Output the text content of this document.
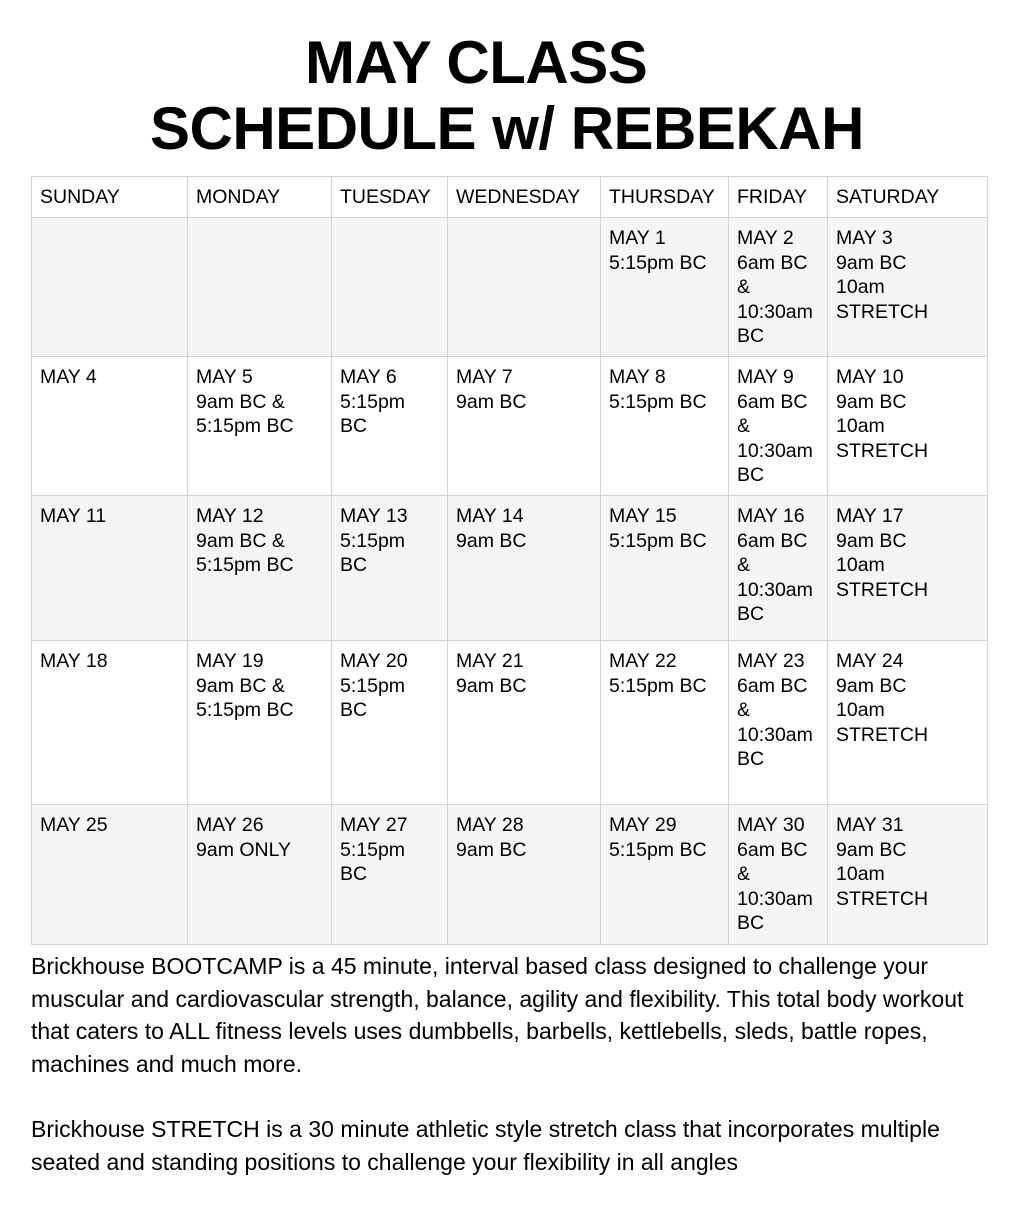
MAY CLASS
SCHEDULE w/ REBEKAH
SUNDAY	MONDAY	TUESDAY	WEDNESDAY	THURSDAY	FRIDAY	SATURDAY
				MAY 1
5:15pm BC	MAY 2
6am BC
&
10:30am
BC	MAY 3
9am BC
10am
STRETCH
MAY 4	MAY 5
9am BC &
5:15pm BC	MAY 6
5:15pm
BC	MAY 7
9am BC	MAY 8
5:15pm BC	MAY 9
6am BC
&
10:30am
BC	MAY 10
9am BC
10am
STRETCH
MAY 11	MAY 12
9am BC &
5:15pm BC	MAY 13
5:15pm
BC	MAY 14
9am BC	MAY 15
5:15pm BC	MAY 16
6am BC
&
10:30am
BC	MAY 17
9am BC
10am
STRETCH
MAY 18	MAY 19
9am BC &
5:15pm BC	MAY 20
5:15pm
BC	MAY 21
9am BC	MAY 22
5:15pm BC	MAY 23
6am BC
&
10:30am
BC	MAY 24
9am BC
10am
STRETCH
MAY 25	MAY 26
9am ONLY	MAY 27
5:15pm
BC	MAY 28
9am BC	MAY 29
5:15pm BC	MAY 30
6am BC
&
10:30am
BC	MAY 31
9am BC
10am
STRETCH

Brickhouse BOOTCAMP is a 45 minute, interval based class designed to challenge your muscular and cardiovascular strength, balance, agility and flexibility. This total body workout that caters to ALL fitness levels uses dumbbells, barbells, kettlebells, sleds, battle ropes, machines and much more.

Brickhouse STRETCH is a 30 minute athletic style stretch class that incorporates multiple seated and standing positions to challenge your flexibility in all angles
